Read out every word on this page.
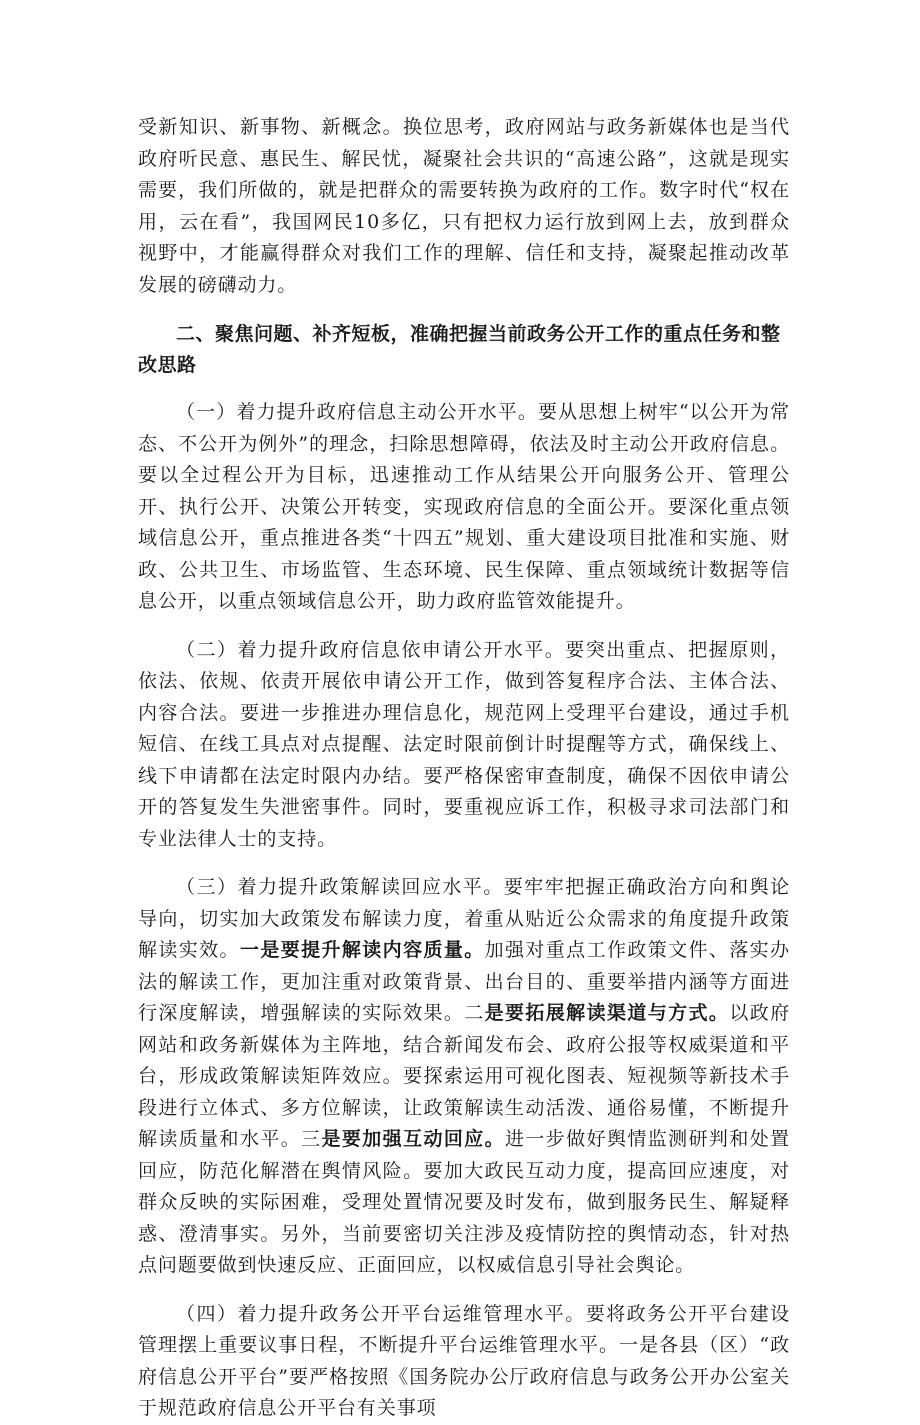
受新知识、新事物、新概念。换位思考，政府网站与政务新媒体也是当代政府听民意、惠民生、解民忧，凝聚社会共识的“高速公路”，这就是现实需要，我们所做的，就是把群众的需要转换为政府的工作。数字时代“权在用，云在看”，我国网民10多亿，只有把权力运行放到网上去，放到群众视野中，才能赢得群众对我们工作的理解、信任和支持，凝聚起推动改革发展的磅礴动力。

二、聚焦问题、补齐短板，准确把握当前政务公开工作的重点任务和整改思路

（一）着力提升政府信息主动公开水平。要从思想上树牢“以公开为常态、不公开为例外”的理念，扫除思想障碍，依法及时主动公开政府信息。要以全过程公开为目标，迅速推动工作从结果公开向服务公开、管理公开、执行公开、决策公开转变，实现政府信息的全面公开。要深化重点领域信息公开，重点推进各类“十四五”规划、重大建设项目批准和实施、财政、公共卫生、市场监管、生态环境、民生保障、重点领域统计数据等信息公开，以重点领域信息公开，助力政府监管效能提升。

（二）着力提升政府信息依申请公开水平。要突出重点、把握原则，依法、依规、依责开展依申请公开工作，做到答复程序合法、主体合法、内容合法。要进一步推进办理信息化，规范网上受理平台建设，通过手机短信、在线工具点对点提醒、法定时限前倒计时提醒等方式，确保线上、线下申请都在法定时限内办结。要严格保密审查制度，确保不因依申请公开的答复发生失泄密事件。同时，要重视应诉工作，积极寻求司法部门和专业法律人士的支持。

（三）着力提升政策解读回应水平。要牢牢把握正确政治方向和舆论导向，切实加大政策发布解读力度，着重从贴近公众需求的角度提升政策解读实效。一是要提升解读内容质量。加强对重点工作政策文件、落实办法的解读工作，更加注重对政策背景、出台目的、重要举措内涵等方面进行深度解读，增强解读的实际效果。二是要拓展解读渠道与方式。以政府网站和政务新媒体为主阵地，结合新闻发布会、政府公报等权威渠道和平台，形成政策解读矩阵效应。要探索运用可视化图表、短视频等新技术手段进行立体式、多方位解读，让政策解读生动活泼、通俗易懂，不断提升解读质量和水平。三是要加强互动回应。进一步做好舆情监测研判和处置回应，防范化解潜在舆情风险。要加大政民互动力度，提高回应速度，对群众反映的实际困难，受理处置情况要及时发布，做到服务民生、解疑释惑、澄清事实。另外，当前要密切关注涉及疫情防控的舆情动态，针对热点问题要做到快速反应、正面回应，以权威信息引导社会舆论。

（四）着力提升政务公开平台运维管理水平。要将政务公开平台建设管理摆上重要议事日程，不断提升平台运维管理水平。一是各县（区）“政府信息公开平台”要严格按照《国务院办公厅政府信息与政务公开办公室关于规范政府信息公开平台有关事项
